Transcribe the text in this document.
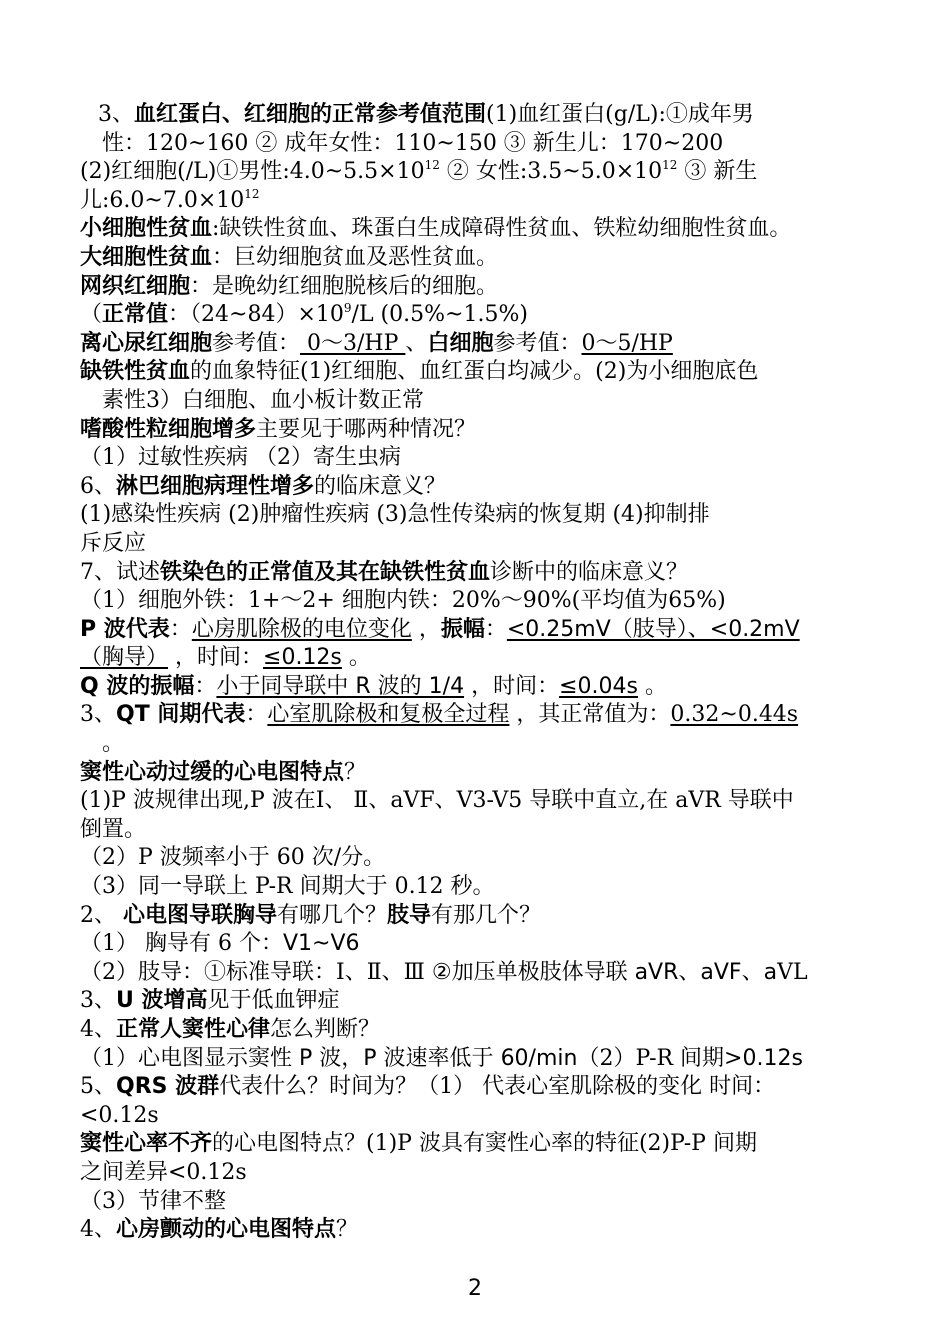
3、血红蛋白、红细胞的正常参考值范围(1)血红蛋白(g/L):①成年男
性：120~160 ② 成年女性：110~150 ③ 新生儿：170~200
(2)红细胞(/L)①男性$:4.0\sim 5.5\times 10^{12}$ ② 女性$:3.5\sim 5.0\times 10^{12}$ ③ 新生
儿$:6.0\sim 7.0\times 10^{12}$
小细胞性贫血:缺铁性贫血、珠蛋白生成障碍性贫血、铁粒幼细胞性贫血。
大细胞性贫血：巨幼细胞贫血及恶性贫血。
网织红细胞：是晚幼红细胞脱核后的细胞。
（正常值：$(24\sim 84)\times 10^9/L$ (0.5%~1.5%)
离心尿红细胞参考值： 0～3/HP 、白细胞参考值：0～5/HP
缺铁性贫血的血象特征(1)红细胞、血红蛋白均减少。(2)为小细胞底色
素性3）白细胞、血小板计数正常
嗜酸性粒细胞增多主要见于哪两种情况？
（1）过敏性疾病 （2）寄生虫病
6、淋巴细胞病理性增多的临床意义？
(1)感染性疾病 (2)肿瘤性疾病 (3)急性传染病的恢复期 (4)抑制排
斥反应
7、试述铁染色的正常值及其在缺铁性贫血诊断中的临床意义？
（1）细胞外铁：1+～2+ 细胞内铁：20%～90%(平均值为65%)
P 波代表：心房肌除极的电位变化 ，振幅：<0.25mV（肢导）、<0.2mV
（胸导） ，时间：≤0.12s 。
Q 波的振幅：小于同导联中 R 波的 1/4 ，时间：≤0.04s 。
3、QT 间期代表：心室肌除极和复极全过程 ，其正常值为：0.32~0.44s
。
窦性心动过缓的心电图特点？
(1)P 波规律出现,P 波在Ⅰ、 Ⅱ、aVF、V3-V5 导联中直立,在 aVR 导联中
倒置。
（2）P 波频率小于 60 次/分。
（3）同一导联上 P-R 间期大于 0.12 秒。
2、 心电图导联胸导有哪几个？肢导有那几个？
（1） 胸导有 6 个：V1~V6
（2）肢导：①标准导联：Ⅰ、Ⅱ、Ⅲ ②加压单极肢体导联 aVR、aVF、aVL
3、U 波增高见于低血钾症
4、正常人窦性心律怎么判断？
（1）心电图显示窦性 P 波，P 波速率低于 60/min（2）P-R 间期>0.12s
5、QRS 波群代表什么？时间为？（1） 代表心室肌除极的变化 时间：
<0.12s
窦性心率不齐的心电图特点？(1)P 波具有窦性心率的特征(2)P-P 间期
之间差异<0.12s
（3）节律不整
4、心房颤动的心电图特点？
2
